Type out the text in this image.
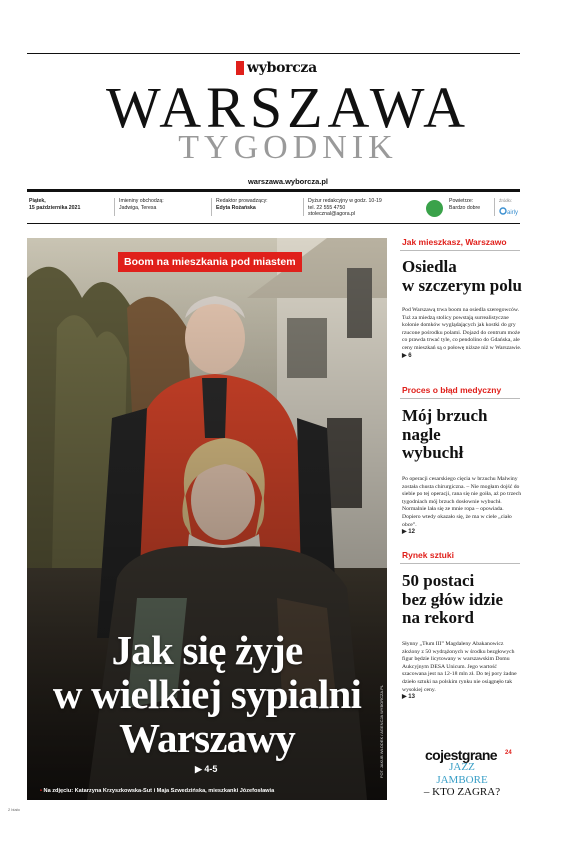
wyborcza
WARSZAWA
TYGODNIK
warszawa.wyborcza.pl
Piątek,
15 października 2021
Imieniny obchodzą:
Jadwiga, Teresa
Redaktor prowadzący:
Edyta Rożańska
Dyżur redakcyjny w godz. 10-19
tel. 22 555 4750
stolecznal@agora.pl
Powietrze:
Bardzo dobre
Źródło:
airly
Boom na mieszkania pod miastem
Jak się żyje
w wielkiej sypialni
Warszawy
▶ 4-5
• Na zdjęciu: Katarzyna Krzyszkowska-Sut i Maja Szwedzińska, mieszkanki Józefosławia
FOT. JAKUB WŁODEK / AGENCJA WYBORCZA.PL
2 biało
Jak mieszkasz, Warszawo
Osiedla
w szczerym polu
Pod Warszawą trwa boom na osiedla szeregowców. Tuż za miedzą stolicy powstają surrealistyczne kolonie domków wyglądających jak kostki do gry rzucone pośrodku polami. Dojazd do centrum może co prawda trwać tyle, co pendolino do Gdańska, ale ceny mieszkań są o połowę niższe niż w Warszawie.
▶ 6
Proces o błąd medyczny
Mój brzuch
nagle
wybuchł
Po operacji cesarskiego cięcia w brzuchu Malwiny została chusta chirurgiczna. – Nie mogłam dojść do siebie po tej operacji, rana się nie goiła, aż po trzech tygodniach mój brzuch dosłownie wybuchł. Normalnie lała się ze mnie ropa – opowiada. Dopiero wtedy okazało się, że ma w ciele „ciało obce”.
▶ 12
Rynek sztuki
50 postaci
bez głów idzie
na rekord
Słynny „Tłum III” Magdaleny Abakanowicz złożony z 50 wydrążonych w środku bezgłowych figur będzie licytowany w warszawskim Domu Aukcyjnym DESA Unicum. Jego wartość szacowana jest na 12-18 mln zł. Do tej pory żadne dzieło sztuki na polskim rynku nie osiągnęło tak wysokiej ceny.
▶ 13
cojestgrane 24
JAZZ
JAMBORE
– KTO ZAGRA?
